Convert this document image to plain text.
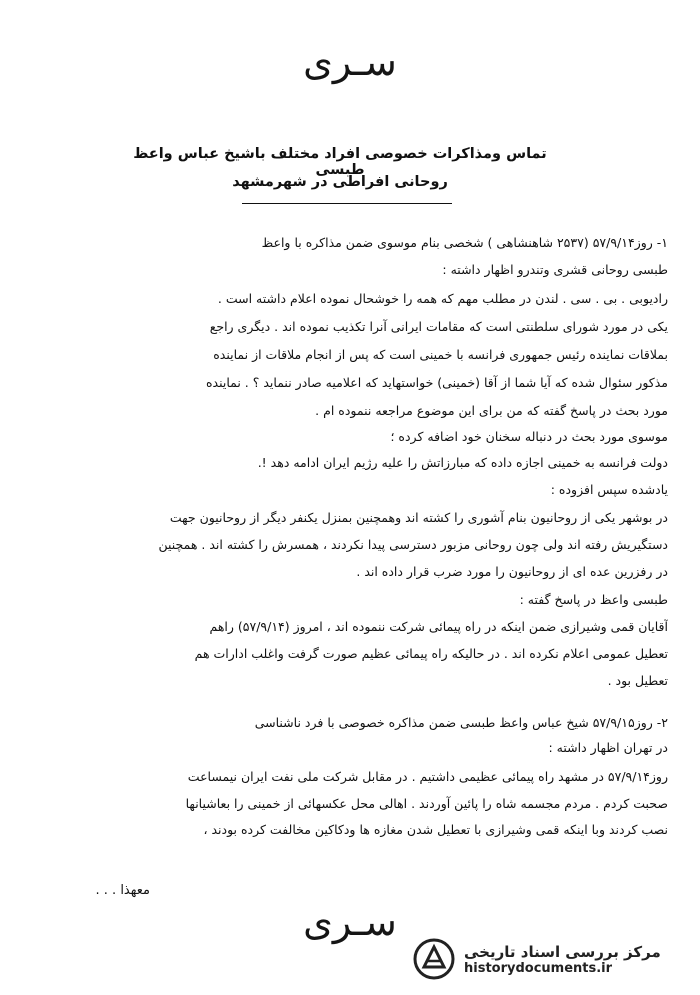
سـری
تماس ومذاکرات خصوصی افراد مختلف باشیخ عباس واعظ طبسی
روحانی افراطی در شهرمشهد
۱- روز۵۷/۹/۱۴ (۲۵۳۷ شاهنشاهی ) شخصی بنام موسوی ضمن مذاکره با واعظ
طبسی روحانی قشری وتندرو اظهار داشته :
رادیوبی . بی . سی . لندن در مطلب مهم که همه را خوشحال نموده اعلام داشته است .
یکی در مورد شورای سلطنتی است که مقامات ایرانی آنرا تکذیب نموده اند . دیگری راجع
بملاقات نماینده رئیس جمهوری فرانسه با خمینی است که پس از انجام ملاقات از نماینده
مذکور سئوال شده که آیا شما از آقا (خمینی) خواستهاید که اعلامیه صادر ننماید ؟ . نماینده
مورد بحث در پاسخ گفته که من برای این موضوع مراجعه ننموده ام .
موسوی مورد بحث در دنباله سخنان خود اضافه کرده ؛
دولت فرانسه به خمینی اجازه داده که مبارزاتش را علیه رژیم ایران ادامه دهد !.
یادشده سپس افزوده :
در بوشهر یکی از روحانیون بنام آشوری را کشته اند وهمچنین بمنزل یکنفر دیگر از روحانیون جهت
دستگیریش رفته اند ولی چون روحانی مزبور دسترسی پیدا نکردند ، همسرش را کشته اند . همچنین
در رفزرین عده ای از روحانیون را مورد ضرب قرار داده اند .
طبسی واعظ در پاسخ گفته :
آقایان قمی وشیرازی ضمن اینکه در راه پیمائی شرکت ننموده اند ، امروز (۵۷/۹/۱۴) راهم
تعطیل عمومی اعلام نکرده اند . در حالیکه راه پیمائی عظیم صورت گرفت واغلب ادارات هم
تعطیل بود .
۲- روز۵۷/۹/۱۵ شیخ عباس واعظ طبسی ضمن مذاکره خصوصی با فرد ناشناسی
در تهران اظهار داشته :
روز۵۷/۹/۱۴ در مشهد راه پیمائی عظیمی داشتیم . در مقابل شرکت ملی نفت ایران نیمساعت
صحبت کردم . مردم مجسمه شاه را پائین آوردند . اهالی محل عکسهائی از خمینی را بعاشیانها
نصب کردند وبا اینکه قمی وشیرازی با تعطیل شدن مغازه ها ودکاکین مخالفت کرده بودند ،
معهذا . . .
سـری
مرکز بررسی اسناد تاریخی
historydocuments.ir
